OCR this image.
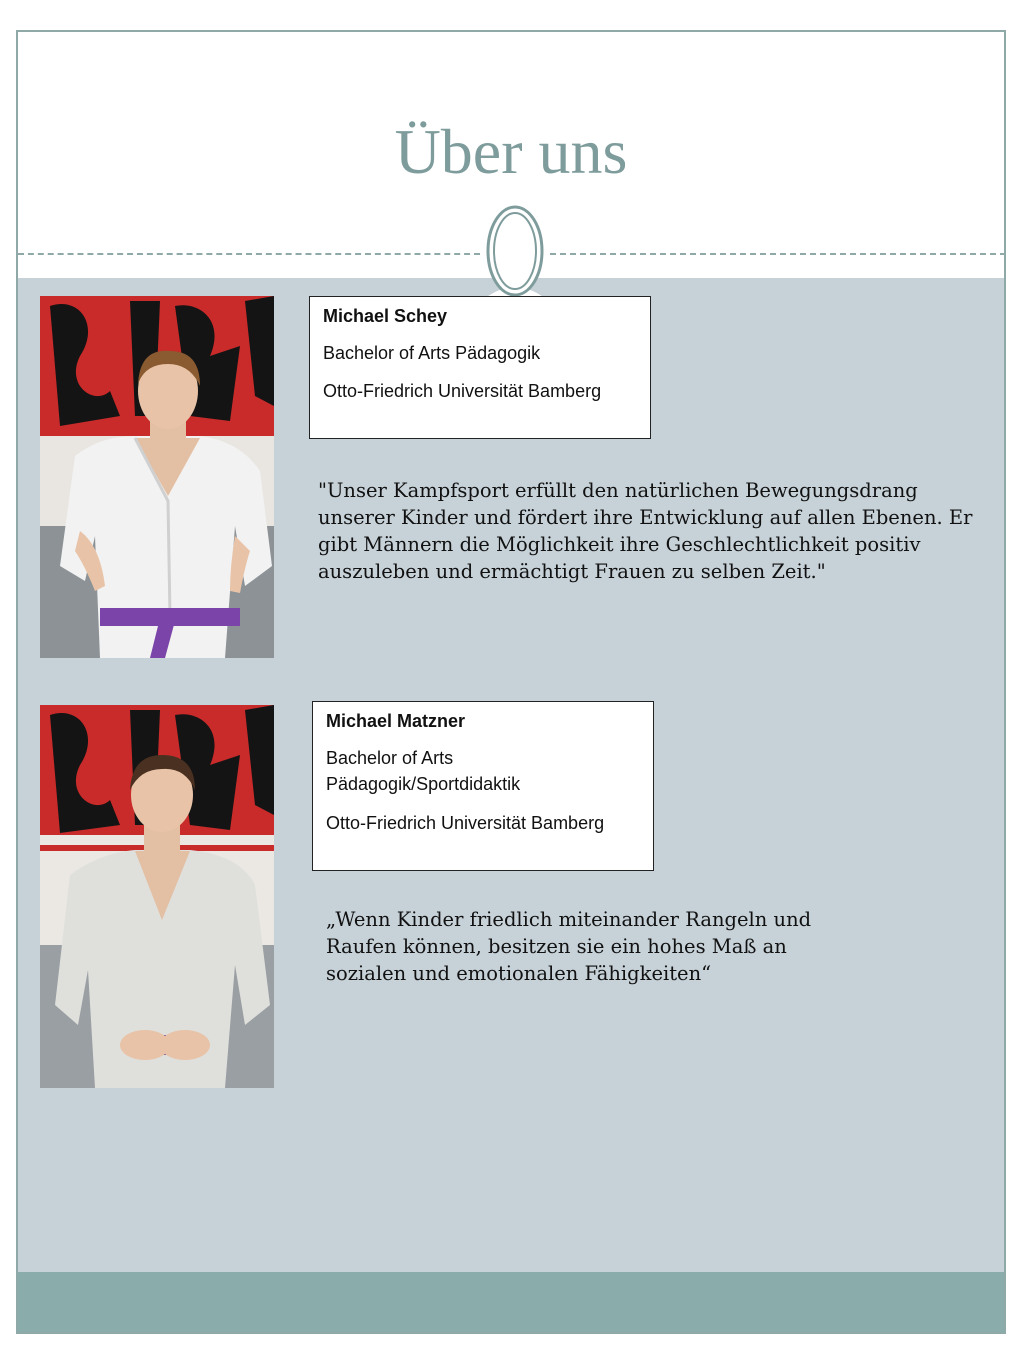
Über uns

Michael Schey

Bachelor of Arts Pädagogik

Otto-Friedrich Universität Bamberg

"Unser Kampfsport erfüllt den natürlichen Bewegungsdrang unserer Kinder und fördert ihre Entwicklung auf allen Ebenen. Er gibt Männern die Möglichkeit ihre Geschlechtlichkeit positiv auszuleben und ermächtigt Frauen zu selben Zeit."

Michael Matzner

Bachelor of Arts

Pädagogik/Sportdidaktik

Otto-Friedrich Universität Bamberg

„Wenn Kinder friedlich miteinander Rangeln und Raufen können, besitzen sie ein hohes Maß an sozialen und emotionalen Fähigkeiten“
